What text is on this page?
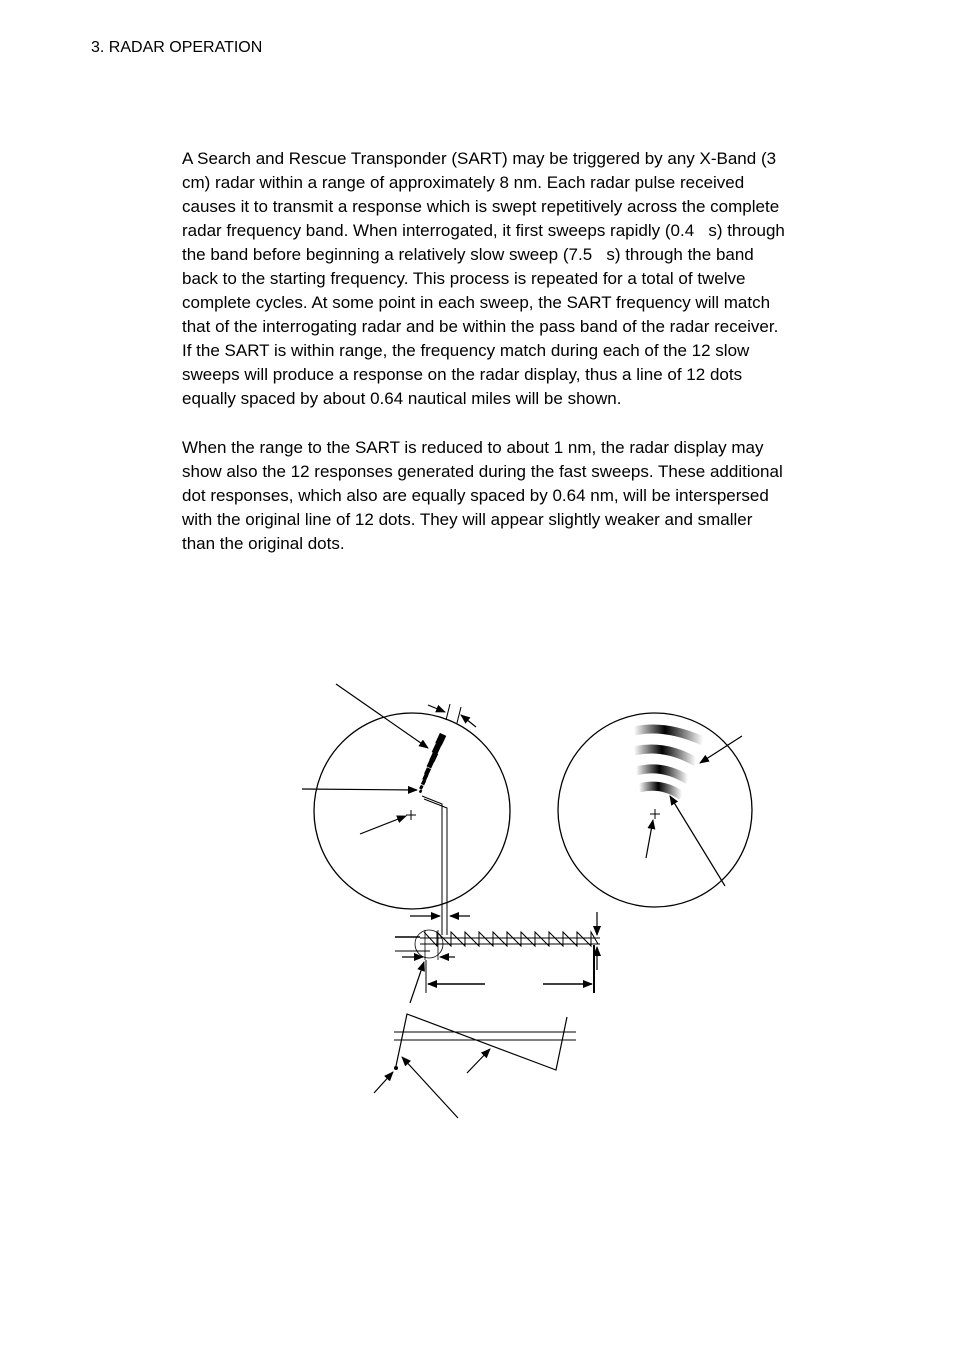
3. RADAR OPERATION
A Search and Rescue Transponder (SART) may be triggered by any X-Band (3
cm) radar within a range of approximately 8 nm. Each radar pulse received
causes it to transmit a response which is swept repetitively across the complete
radar frequency band. When interrogated, it first sweeps rapidly (0.4   s) through
the band before beginning a relatively slow sweep (7.5   s) through the band
back to the starting frequency. This process is repeated for a total of twelve
complete cycles. At some point in each sweep, the SART frequency will match
that of the interrogating radar and be within the pass band of the radar receiver.
If the SART is within range, the frequency match during each of the 12 slow
sweeps will produce a response on the radar display, thus a line of 12 dots
equally spaced by about 0.64 nautical miles will be shown.
When the range to the SART is reduced to about 1 nm, the radar display may
show also the 12 responses generated during the fast sweeps. These additional
dot responses, which also are equally spaced by 0.64 nm, will be interspersed
with the original line of 12 dots. They will appear slightly weaker and smaller
than the original dots.
